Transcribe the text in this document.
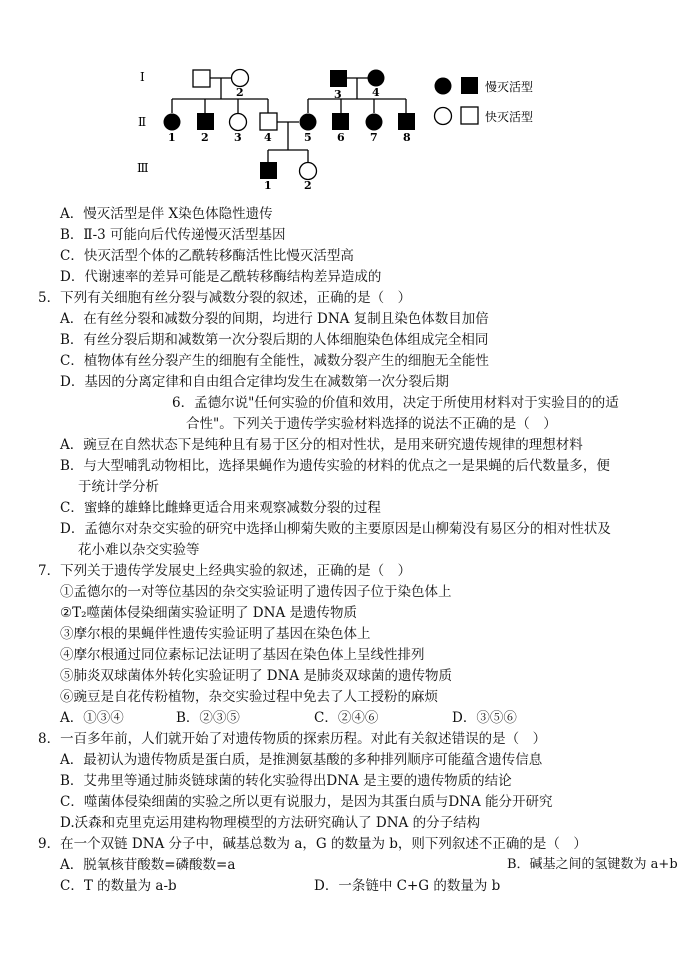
Ⅰ
Ⅱ
Ⅲ
2	3	4
1 2 3 4	5 6 7 8
1	2
慢灭活型
快灭活型
A．慢灭活型是伴 X染色体隐性遗传
B．Ⅱ-3 可能向后代传递慢灭活型基因
C．快灭活型个体的乙酰转移酶活性比慢灭活型高
D．代谢速率的差异可能是乙酰转移酶结构差异造成的
5．下列有关细胞有丝分裂与减数分裂的叙述，正确的是（　）
A．在有丝分裂和减数分裂的间期，均进行 DNA 复制且染色体数目加倍
B．有丝分裂后期和减数第一次分裂后期的人体细胞染色体组成完全相同
C．植物体有丝分裂产生的细胞有全能性，减数分裂产生的细胞无全能性
D．基因的分离定律和自由组合定律均发生在减数第一次分裂后期
6．孟德尔说"任何实验的价值和效用，决定于所使用材料对于实验目的的适
合性"。下列关于遗传学实验材料选择的说法不正确的是（　）
A．豌豆在自然状态下是纯种且有易于区分的相对性状，是用来研究遗传规律的理想材料
B．与大型哺乳动物相比，选择果蝇作为遗传实验的材料的优点之一是果蝇的后代数量多，便
于统计学分析
C．蜜蜂的雄蜂比雌蜂更适合用来观察减数分裂的过程
D．孟德尔对杂交实验的研究中选择山柳菊失败的主要原因是山柳菊没有易区分的相对性状及
花小难以杂交实验等
7．下列关于遗传学发展史上经典实验的叙述，正确的是（　）
①孟德尔的一对等位基因的杂交实验证明了遗传因子位于染色体上
②T₂噬菌体侵染细菌实验证明了 DNA 是遗传物质
③摩尔根的果蝇伴性遗传实验证明了基因在染色体上
④摩尔根通过同位素标记法证明了基因在染色体上呈线性排列
⑤肺炎双球菌体外转化实验证明了 DNA 是肺炎双球菌的遗传物质
⑥豌豆是自花传粉植物，杂交实验过程中免去了人工授粉的麻烦
A．①③④	B．②③⑤	C．②④⑥	D．③⑤⑥
8．一百多年前，人们就开始了对遗传物质的探索历程。对此有关叙述错误的是（　）
A．最初认为遗传物质是蛋白质，是推测氨基酸的多种排列顺序可能蕴含遗传信息
B．艾弗里等通过肺炎链球菌的转化实验得出DNA 是主要的遗传物质的结论
C．噬菌体侵染细菌的实验之所以更有说服力，是因为其蛋白质与DNA 能分开研究
D.沃森和克里克运用建构物理模型的方法研究确认了 DNA 的分子结构
9．在一个双链 DNA 分子中，碱基总数为 a，G 的数量为 b，则下列叙述不正确的是（　）
A．脱氧核苷酸数=磷酸数=a	B．碱基之间的氢键数为 a+b
C．T 的数量为 a-b	D．一条链中 C+G 的数量为 b
